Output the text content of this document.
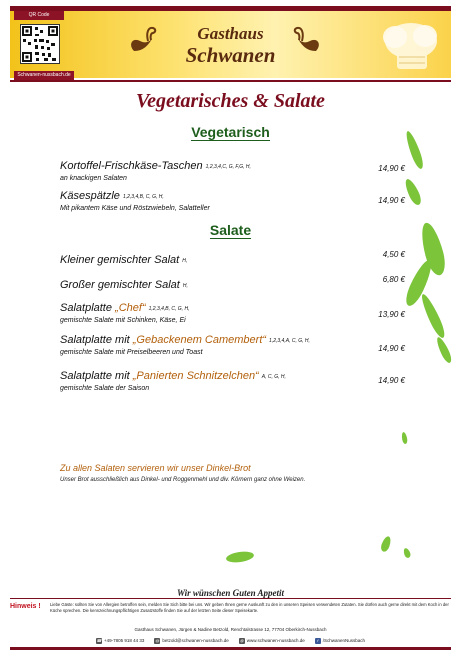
QR Code
Schwanen-nussbach.de
Gasthaus
Schwanen
Vegetarisches & Salate
Vegetarisch
Kortoffel-Frischkäse-Taschen 1,2,3,4,C, G, F,G, H,
an knackigen Salaten
14,90 €
Käsespätzle 1,2,3,4,B, C, G, H,
Mit pikantem Käse und Röstzwiebeln, Salatteller
14,90 €
Salate
Kleiner gemischter Salat H,
4,50 €
Großer gemischter Salat H,
6,80 €
Salatplatte „Chef“ 1,2,3,4,B, C, G, H,
gemischte Salate mit Schinken, Käse, Ei
13,90 €
Salatplatte mit „Gebackenem Camembert“ 1,2,3,4,A, C, G, H,
gemischte Salate mit Preiselbeeren und Toast	14,90 €
Salatplatte mit „Panierten Schnitzelchen“ A, C, G, H,
gemischte Salate der Saison
14,90 €
Zu allen Salaten servieren wir unser Dinkel-Brot
Unser Brot ausschließlich aus Dinkel- und Roggenmehl und div. Körnern ganz ohne Weizen.
Wir wünschen Guten Appetit
Hinweis ! Liebe Gäste: sollten Sie von Allergien betroffen sein, melden Sie Sich bitte bei uns. Wir geben Ihnen gerne Auskunft zu den in unseren Speisen verwendeten Zutaten. Sie dürfen auch gerne direkt mit dem Koch in der Küche sprechen. Die kennzeichnungspflichtigen Zusatzstoffe finden Sie auf der letzten Seite dieser Speisekarte.
Gasthaus Schwanen, Jürgen & Nadine Betzold, Renchtalstrasse 12, 77704 Oberkirch-Nussbach
☎ +49-7805 918 44 33	@ betzold@schwanen-nussbach.de	◍ www.schwanen-nussbach.de	f /SchwanenNussbach
